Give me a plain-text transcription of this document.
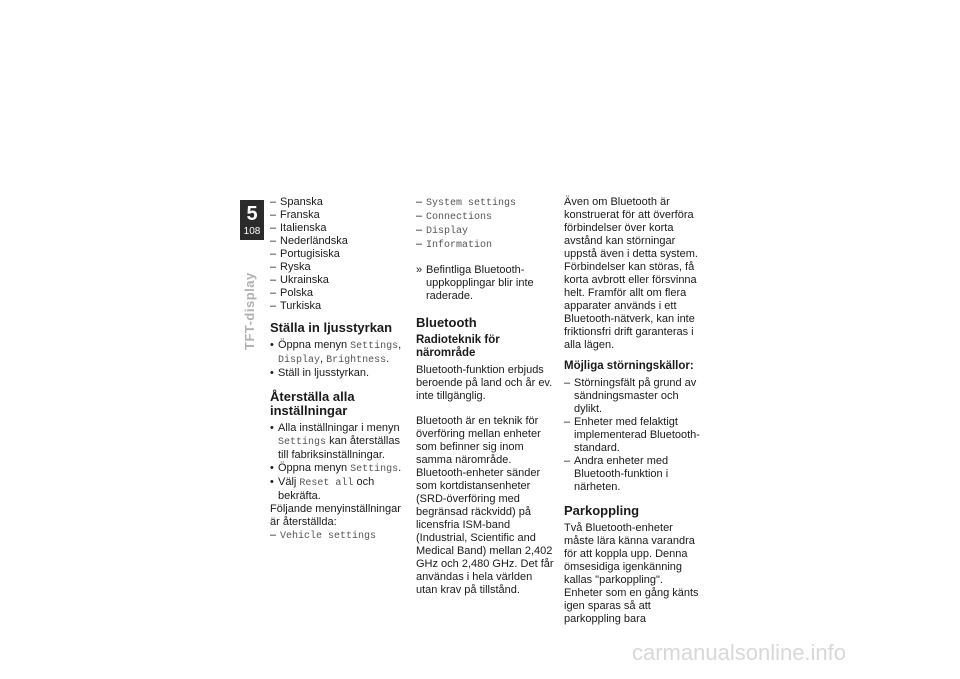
5
108
TFT-display

– Spanska

– Franska

– Italienska

– Nederländska

– Portugisiska

– Ryska

– Ukrainska

– Polska

– Turkiska

Ställa in ljusstyrkan

• Öppna menyn Settings, Display, Brightness.

• Ställ in ljusstyrkan.

Återställa alla inställningar

• Alla inställningar i menyn Settings kan återställas till fabriksinställningar.

• Öppna menyn Settings.

• Välj Reset all och bekräfta.

Följande menyinställningar är återställda:

– Vehicle settings

– System settings

– Connections

– Display

– Information

» Befintliga Bluetooth-uppkopplingar blir inte raderade.

Bluetooth
Radioteknik för närområde

Bluetooth-funktion erbjuds beroende på land och år ev. inte tillgänglig.

Bluetooth är en teknik för överföring mellan enheter som befinner sig inom samma närområde. Bluetooth-enheter sänder som kortdistansenheter (SRD-överföring med begränsad räckvidd) på licensfria ISM-band (Industrial, Scientific and Medical Band) mellan 2,402 GHz och 2,480 GHz. Det får användas i hela världen utan krav på tillstånd.

Även om Bluetooth är konstruerat för att överföra förbindelser över korta avstånd kan störningar uppstå även i detta system. Förbindelser kan störas, få korta avbrott eller försvinna helt. Framför allt om flera apparater används i ett Bluetooth-nätverk, kan inte friktionsfri drift garanteras i alla lägen.

Möjliga störningskällor:

– Störningsfält på grund av sändningsmaster och dylikt.

– Enheter med felaktigt implementerad Bluetooth-standard.

– Andra enheter med Bluetooth-funktion i närheten.

Parkoppling

Två Bluetooth-enheter måste lära känna varandra för att koppla upp. Denna ömsesidiga igenkänning kallas "parkoppling". Enheter som en gång känts igen sparas så att parkoppling bara

carmanualsonline.info
